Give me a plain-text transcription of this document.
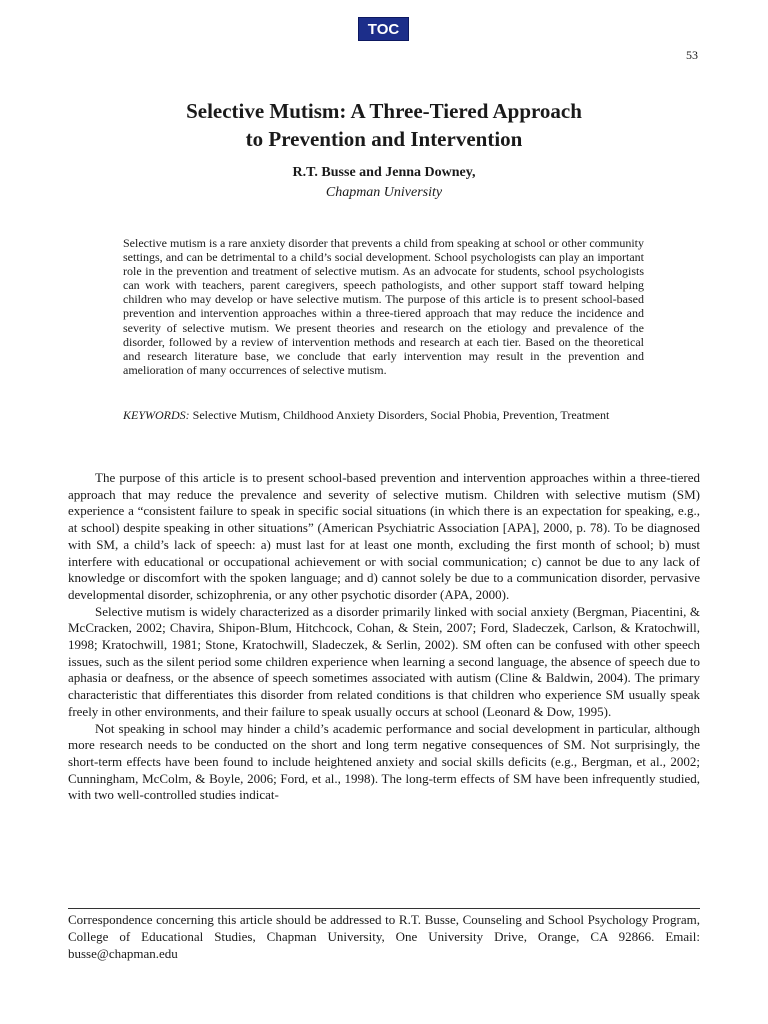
TOC
53
Selective Mutism: A Three-Tiered Approach
to Prevention and Intervention
R.T. Busse and Jenna Downey,
Chapman University

Selective mutism is a rare anxiety disorder that prevents a child from speaking at school or other community settings, and can be detrimental to a child’s social development. School psychologists can play an important role in the prevention and treatment of selective mutism. As an advocate for students, school psychologists can work with teachers, parent caregivers, speech pathologists, and other support staff toward helping children who may develop or have selective mutism. The purpose of this article is to present school-based prevention and intervention approaches within a three-tiered approach that may reduce the incidence and severity of selective mutism. We present theories and research on the etiology and prevalence of the disorder, followed by a review of intervention methods and research at each tier. Based on the theoretical and research literature base, we conclude that early intervention may result in the prevention and amelioration of many occurrences of selective mutism.

KEYWORDS: Selective Mutism, Childhood Anxiety Disorders, Social Phobia, Prevention, Treatment

The purpose of this article is to present school-based prevention and intervention approaches within a three-tiered approach that may reduce the prevalence and severity of selective mutism. Children with selective mutism (SM) experience a “consistent failure to speak in specific social situations (in which there is an expectation for speaking, e.g., at school) despite speaking in other situations” (American Psychiatric Association [APA], 2000, p. 78). To be diagnosed with SM, a child’s lack of speech: a) must last for at least one month, excluding the first month of school; b) must interfere with educational or occupational achievement or with social communication; c) cannot be due to any lack of knowledge or discomfort with the spoken language; and d) cannot solely be due to a communication disorder, pervasive developmental disorder, schizophrenia, or any other psychotic disorder (APA, 2000).

Selective mutism is widely characterized as a disorder primarily linked with social anxiety (Bergman, Piacentini, & McCracken, 2002; Chavira, Shipon-Blum, Hitchcock, Cohan, & Stein, 2007; Ford, Sladeczek, Carlson, & Kratochwill, 1998; Kratochwill, 1981; Stone, Kratochwill, Sladeczek, & Serlin, 2002). SM often can be confused with other speech issues, such as the silent period some children experience when learning a second language, the absence of speech due to aphasia or deafness, or the absence of speech sometimes associated with autism (Cline & Baldwin, 2004). The primary characteristic that differentiates this disorder from related conditions is that children who experience SM usually speak freely in other environments, and their failure to speak usually occurs at school (Leonard & Dow, 1995).

Not speaking in school may hinder a child’s academic performance and social development in particular, although more research needs to be conducted on the short and long term negative consequences of SM. Not surprisingly, the short-term effects have been found to include heightened anxiety and social skills deficits (e.g., Bergman, et al., 2002; Cunningham, McColm, & Boyle, 2006; Ford, et al., 1998). The long-term effects of SM have been infrequently studied, with two well-controlled studies indicat-

Correspondence concerning this article should be addressed to R.T. Busse, Counseling and School Psychology Program, College of Educational Studies, Chapman University, One University Drive, Orange, CA 92866. Email: busse@chapman.edu
